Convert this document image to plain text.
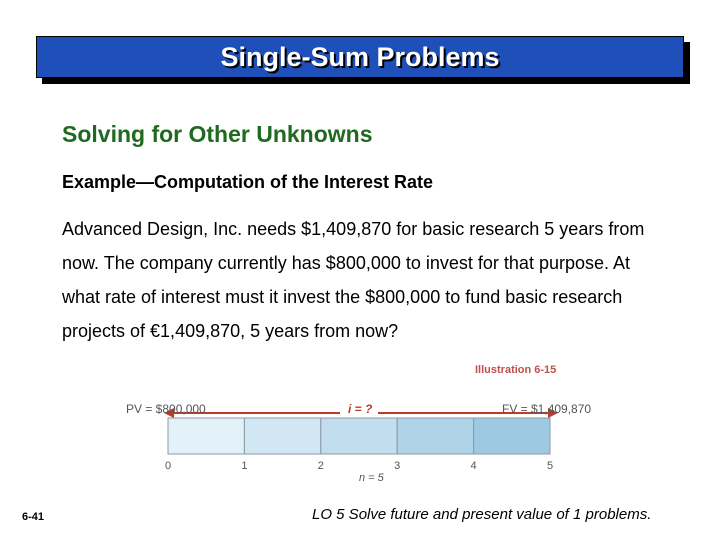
Single-Sum Problems
Solving for Other Unknowns
Example—Computation of the Interest Rate
Advanced Design, Inc. needs $1,409,870 for basic research 5 years from now. The company currently has $800,000 to invest for that purpose. At what rate of interest must it invest the $800,000 to fund basic research projects of €1,409,870, 5 years from now?
Illustration 6-15
PV = $800,000	i = ?	FV = $1,409,870
0	1	2	3	4	5
n = 5
6-41	LO 5 Solve future and present value of 1 problems.
